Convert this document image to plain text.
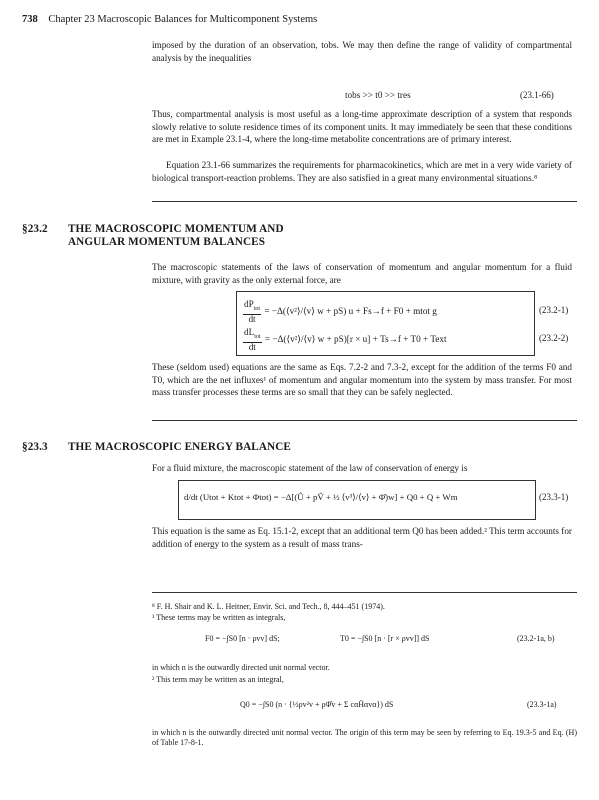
738 Chapter 23 Macroscopic Balances for Multicomponent Systems
imposed by the duration of an observation, tobs. We may then define the range of validity of compartmental analysis by the inequalities
tobs >> t0 >> tres	(23.1-66)
Thus, compartmental analysis is most useful as a long-time approximate description of a system that responds slowly relative to solute residence times of its component units. It may immediately be seen that these conditions are met in Example 23.1-4, where the long-time metabolite concentrations are of primary interest.
Equation 23.1-66 summarizes the requirements for pharmacokinetics, which are met in a very wide variety of biological transport-reaction problems. They are also satisfied in a great many environmental situations.⁸
§23.2 THE MACROSCOPIC MOMENTUM AND
ANGULAR MOMENTUM BALANCES
The macroscopic statements of the laws of conservation of momentum and angular momentum for a fluid mixture, with gravity as the only external force, are
$\frac{dP_{tot}}{dt}$ = −Δ(⟨v²⟩/⟨v⟩ w + pS) u + Fs→f + F0 + mtot g	(23.2-1)
$\frac{dL_{tot}}{dt}$ = −Δ(⟨v²⟩/⟨v⟩ w + pS)[r × u] + Ts→f + T0 + Text	(23.2-2)
These (seldom used) equations are the same as Eqs. 7.2-2 and 7.3-2, except for the addition of the terms F0 and T0, which are the net influxes¹ of momentum and angular momentum into the system by mass transfer. For most mass transfer processes these terms are so small that they can be safely neglected.
§23.3 THE MACROSCOPIC ENERGY BALANCE
For a fluid mixture, the macroscopic statement of the law of conservation of energy is
d/dt (Utot + Ktot + Φtot) = −Δ[(Û + pV̂ + ½ ⟨v³⟩/⟨v⟩ + Φ̂)w] + Q0 + Q + Wm	(23.3-1)
This equation is the same as Eq. 15.1-2, except that an additional term Q0 has been added.² This term accounts for addition of energy to the system as a result of mass trans-
⁸ F. H. Shair and K. L. Heitner, Envir. Sci. and Tech., 8, 444–451 (1974).
¹ These terms may be written as integrals,
F0 = −∫S0 [n · ρvv] dS;	T0 = −∫S0 [n · [r × ρvv]] dS	(23.2-1a, b)
in which n is the outwardly directed unit normal vector.
² This term may be written as an integral,
Q0 = −∫S0 (n · {½ρv²v + ρΦ̂v + Σ cαH̄αvα}) dS	(23.3-1a)
in which n is the outwardly directed unit normal vector. The origin of this term may be seen by referring to Eq. 19.3-5 and Eq. (H) of Table 17-8-1.
